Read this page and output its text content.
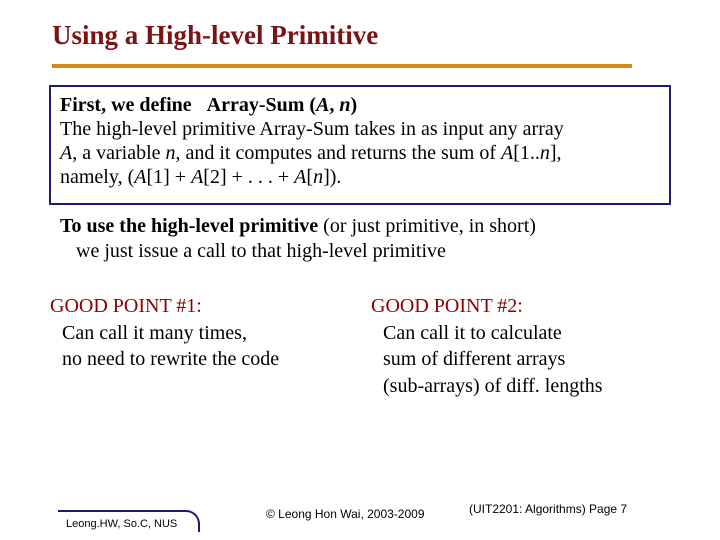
Using a High-level Primitive
First, we define Array-Sum (A, n)
The high-level primitive Array-Sum takes in as input any array
A, a variable n, and it computes and returns the sum of A[1..n],
namely, (A[1] + A[2] + . . . + A[n]).
To use the high-level primitive (or just primitive, in short)
we just issue a call to that high-level primitive
GOOD POINT #1:
Can call it many times,
no need to rewrite the code
GOOD POINT #2:
Can call it to calculate
sum of different arrays
(sub-arrays) of diff. lengths
Leong.HW, So.C, NUS
© Leong Hon Wai, 2003-2009	(UIT2201: Algorithms) Page 7
